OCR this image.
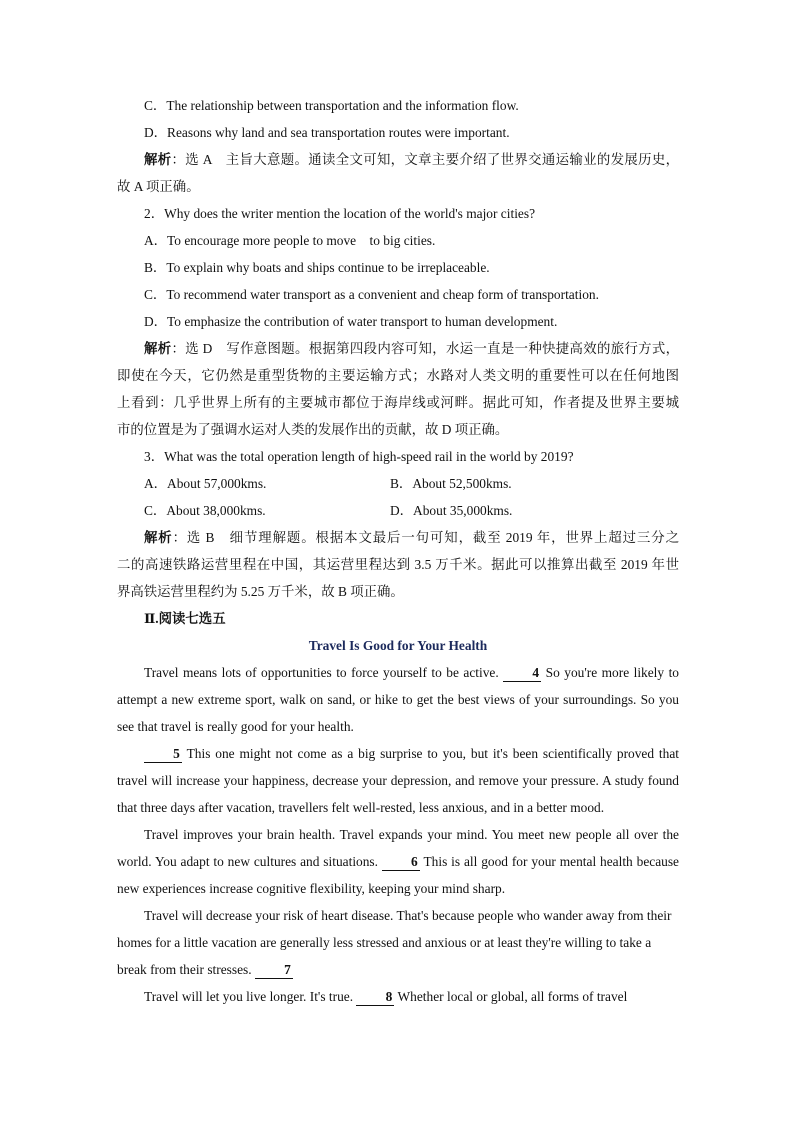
C．The relationship between transportation and the information flow.
D．Reasons why land and sea transportation routes were important.
解析：选 A　主旨大意题。通读全文可知，文章主要介绍了世界交通运输业的发展历史，
故 A 项正确。
2．Why does the writer mention the location of the world's major cities?
A．To encourage more people to move　to big cities.
B．To explain why boats and ships continue to be irreplaceable.
C．To recommend water transport as a convenient and cheap form of transportation.
D．To emphasize the contribution of water transport to human development.
解析：选 D　写作意图题。根据第四段内容可知，水运一直是一种快捷高效的旅行方式，
即使在今天，它仍然是重型货物的主要运输方式；水路对人类文明的重要性可以在任何地图
上看到：几乎世界上所有的主要城市都位于海岸线或河畔。据此可知，作者提及世界主要城
市的位置是为了强调水运对人类的发展作出的贡献，故 D 项正确。
3．What was the total operation length of high-speed rail in the world by 2019?
A．About 57,000kms.	B．About 52,500kms.
C．About 38,000kms.	D．About 35,000kms.
解析：选 B　细节理解题。根据本文最后一句可知，截至 2019 年，世界上超过三分之
二的高速铁路运营里程在中国，其运营里程达到 3.5 万千米。据此可以推算出截至 2019 年世
界高铁运营里程约为 5.25 万千米，故 B 项正确。
Ⅱ.阅读七选五
Travel Is Good for Your Health
Travel means lots of opportunities to force yourself to be active. 4 So you're more likely to attempt a new extreme sport, walk on sand, or hike to get the best views of your surroundings. So you see that travel is really good for your health.
5 This one might not come as a big surprise to you, but it's been scientifically proved that travel will increase your happiness, decrease your depression, and remove your pressure. A study found that three days after vacation, travellers felt well-rested, less anxious, and in a better mood.
Travel improves your brain health. Travel expands your mind. You meet new people all over the world. You adapt to new cultures and situations. 6 This is all good for your mental health because new experiences increase cognitive flexibility, keeping your mind sharp.
Travel will decrease your risk of heart disease. That's because people who wander away from their homes for a little vacation are generally less stressed and anxious or at least they're willing to take a break from their stresses. 7
Travel will let you live longer. It's true. 8 Whether local or global, all forms of travel
